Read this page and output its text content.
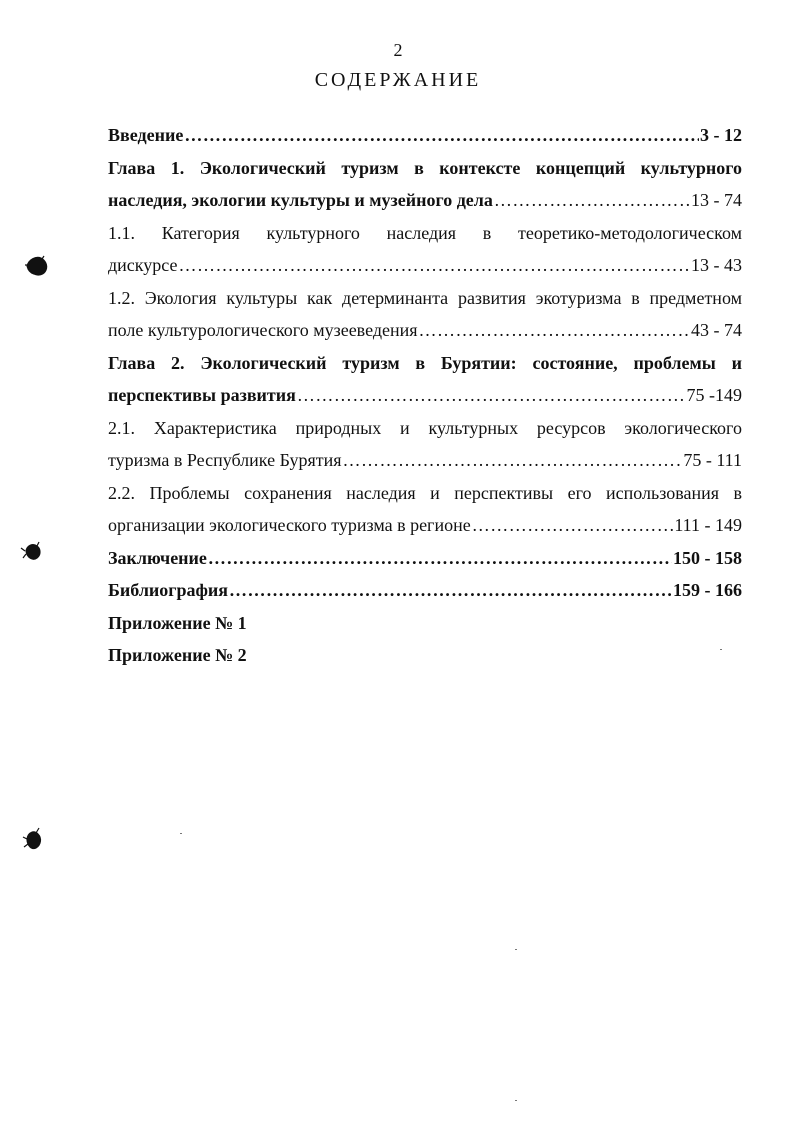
2
СОДЕРЖАНИЕ
Введение ……………………………………………………………………………………………………………………………………………………………………	3 - 12
Глава 1. Экологический туризм в контексте концепций культурного
наследия, экологии культуры и музейного дела ……………………………………………………………………………………………………………………………………………………………………	13 - 74
1.1. Категория культурного наследия в теоретико-методологическом
дискурсе ……………………………………………………………………………………………………………………………………………………………………	13 - 43
1.2. Экология культуры как детерминанта развития экотуризма в предметном
поле культурологического музееведения ……………………………………………………………………………………………………………………………………………………………………	43 - 74
Глава 2. Экологический туризм в Бурятии: состояние, проблемы и
перспективы развития ……………………………………………………………………………………………………………………………………………………………………	75 -149
2.1. Характеристика природных и культурных ресурсов экологического
туризма в Республике Бурятия ……………………………………………………………………………………………………………………………………………………………………	75 - 111
2.2. Проблемы сохранения наследия и перспективы его использования в
организации экологического туризма в регионе ……………………………………………………………………………………………………………………………………………………………………	111 - 149
Заключение ……………………………………………………………………………………………………………………………………………………………………	150 - 158
Библиография ……………………………………………………………………………………………………………………………………………………………………	159 - 166
Приложение № 1
Приложение № 2
